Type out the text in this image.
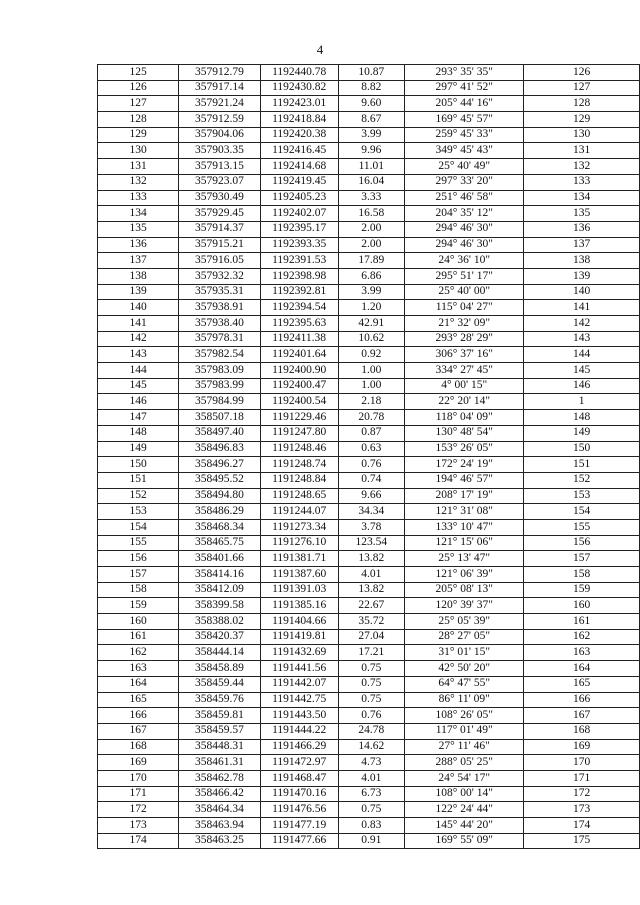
4
125	357912.79	1192440.78	10.87	293° 35' 35"	126
126	357917.14	1192430.82	8.82	297° 41' 52"	127
127	357921.24	1192423.01	9.60	205° 44' 16"	128
128	357912.59	1192418.84	8.67	169° 45' 57"	129
129	357904.06	1192420.38	3.99	259° 45' 33"	130
130	357903.35	1192416.45	9.96	349° 45' 43"	131
131	357913.15	1192414.68	11.01	25° 40' 49"	132
132	357923.07	1192419.45	16.04	297° 33' 20"	133
133	357930.49	1192405.23	3.33	251° 46' 58"	134
134	357929.45	1192402.07	16.58	204° 35' 12"	135
135	357914.37	1192395.17	2.00	294° 46' 30"	136
136	357915.21	1192393.35	2.00	294° 46' 30"	137
137	357916.05	1192391.53	17.89	24° 36' 10"	138
138	357932.32	1192398.98	6.86	295° 51' 17"	139
139	357935.31	1192392.81	3.99	25° 40' 00"	140
140	357938.91	1192394.54	1.20	115° 04' 27"	141
141	357938.40	1192395.63	42.91	21° 32' 09"	142
142	357978.31	1192411.38	10.62	293° 28' 29"	143
143	357982.54	1192401.64	0.92	306° 37' 16"	144
144	357983.09	1192400.90	1.00	334° 27' 45"	145
145	357983.99	1192400.47	1.00	4° 00' 15"	146
146	357984.99	1192400.54	2.18	22° 20' 14"	1
147	358507.18	1191229.46	20.78	118° 04' 09"	148
148	358497.40	1191247.80	0.87	130° 48' 54"	149
149	358496.83	1191248.46	0.63	153° 26' 05"	150
150	358496.27	1191248.74	0.76	172° 24' 19"	151
151	358495.52	1191248.84	0.74	194° 46' 57"	152
152	358494.80	1191248.65	9.66	208° 17' 19"	153
153	358486.29	1191244.07	34.34	121° 31' 08"	154
154	358468.34	1191273.34	3.78	133° 10' 47"	155
155	358465.75	1191276.10	123.54	121° 15' 06"	156
156	358401.66	1191381.71	13.82	25° 13' 47"	157
157	358414.16	1191387.60	4.01	121° 06' 39"	158
158	358412.09	1191391.03	13.82	205° 08' 13"	159
159	358399.58	1191385.16	22.67	120° 39' 37"	160
160	358388.02	1191404.66	35.72	25° 05' 39"	161
161	358420.37	1191419.81	27.04	28° 27' 05"	162
162	358444.14	1191432.69	17.21	31° 01' 15"	163
163	358458.89	1191441.56	0.75	42° 50' 20"	164
164	358459.44	1191442.07	0.75	64° 47' 55"	165
165	358459.76	1191442.75	0.75	86° 11' 09"	166
166	358459.81	1191443.50	0.76	108° 26' 05"	167
167	358459.57	1191444.22	24.78	117° 01' 49"	168
168	358448.31	1191466.29	14.62	27° 11' 46"	169
169	358461.31	1191472.97	4.73	288° 05' 25"	170
170	358462.78	1191468.47	4.01	24° 54' 17"	171
171	358466.42	1191470.16	6.73	108° 00' 14"	172
172	358464.34	1191476.56	0.75	122° 24' 44"	173
173	358463.94	1191477.19	0.83	145° 44' 20"	174
174	358463.25	1191477.66	0.91	169° 55' 09"	175
